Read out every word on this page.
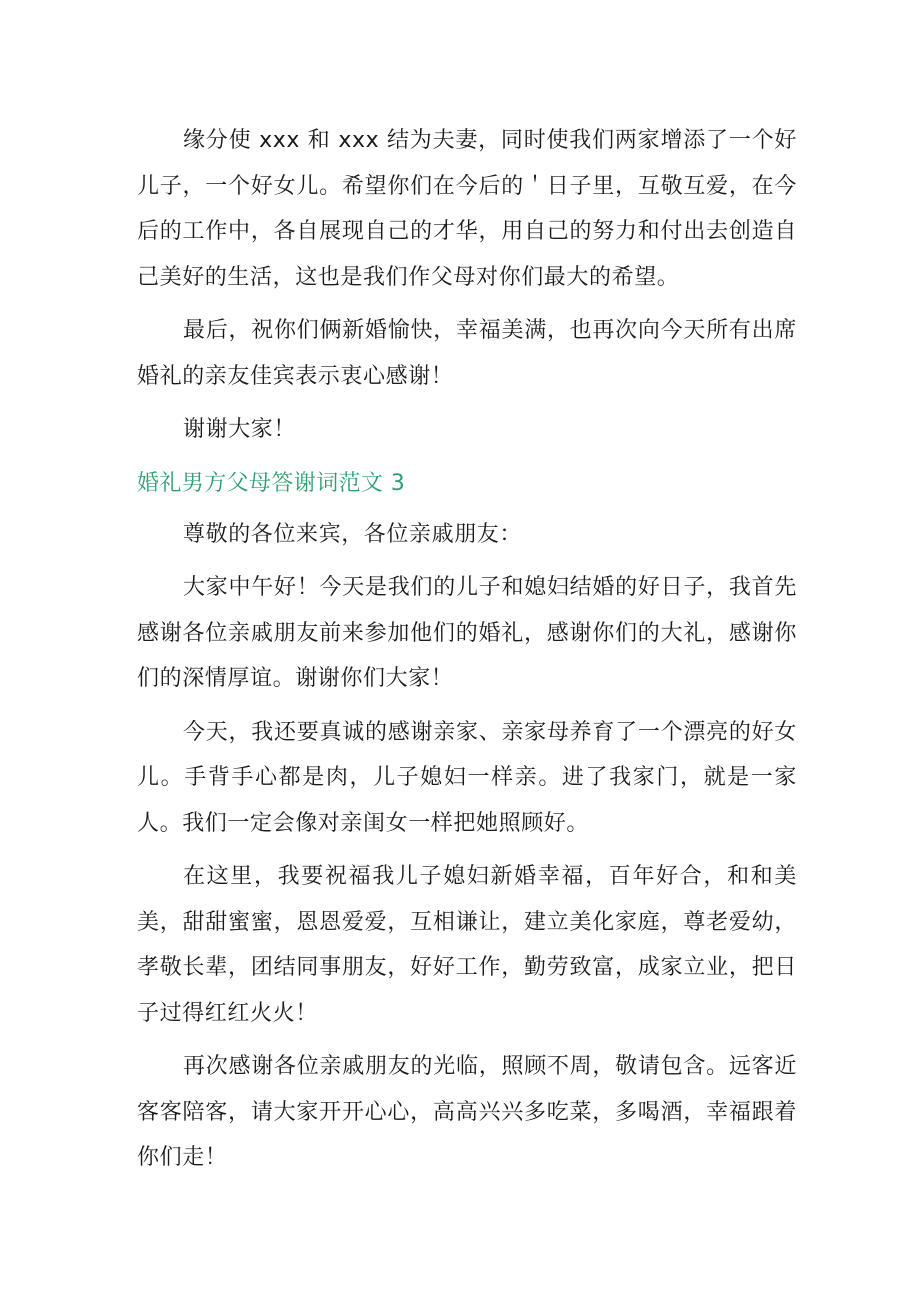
缘分使 xxx 和 xxx 结为夫妻，同时使我们两家增添了一个好儿子，一个好女儿。希望你们在今后的＇日子里，互敬互爱，在今后的工作中，各自展现自己的才华，用自己的努力和付出去创造自己美好的生活，这也是我们作父母对你们最大的希望。

最后，祝你们俩新婚愉快，幸福美满，也再次向今天所有出席婚礼的亲友佳宾表示衷心感谢！

谢谢大家！

婚礼男方父母答谢词范文 3

尊敬的各位来宾，各位亲戚朋友：

大家中午好！今天是我们的儿子和媳妇结婚的好日子，我首先感谢各位亲戚朋友前来参加他们的婚礼，感谢你们的大礼，感谢你们的深情厚谊。谢谢你们大家！

今天，我还要真诚的感谢亲家、亲家母养育了一个漂亮的好女儿。手背手心都是肉，儿子媳妇一样亲。进了我家门，就是一家人。我们一定会像对亲闺女一样把她照顾好。

在这里，我要祝福我儿子媳妇新婚幸福，百年好合，和和美美，甜甜蜜蜜，恩恩爱爱，互相谦让，建立美化家庭，尊老爱幼，孝敬长辈，团结同事朋友，好好工作，勤劳致富，成家立业，把日子过得红红火火！

再次感谢各位亲戚朋友的光临，照顾不周，敬请包含。远客近客客陪客，请大家开开心心，高高兴兴多吃菜，多喝酒，幸福跟着你们走！
